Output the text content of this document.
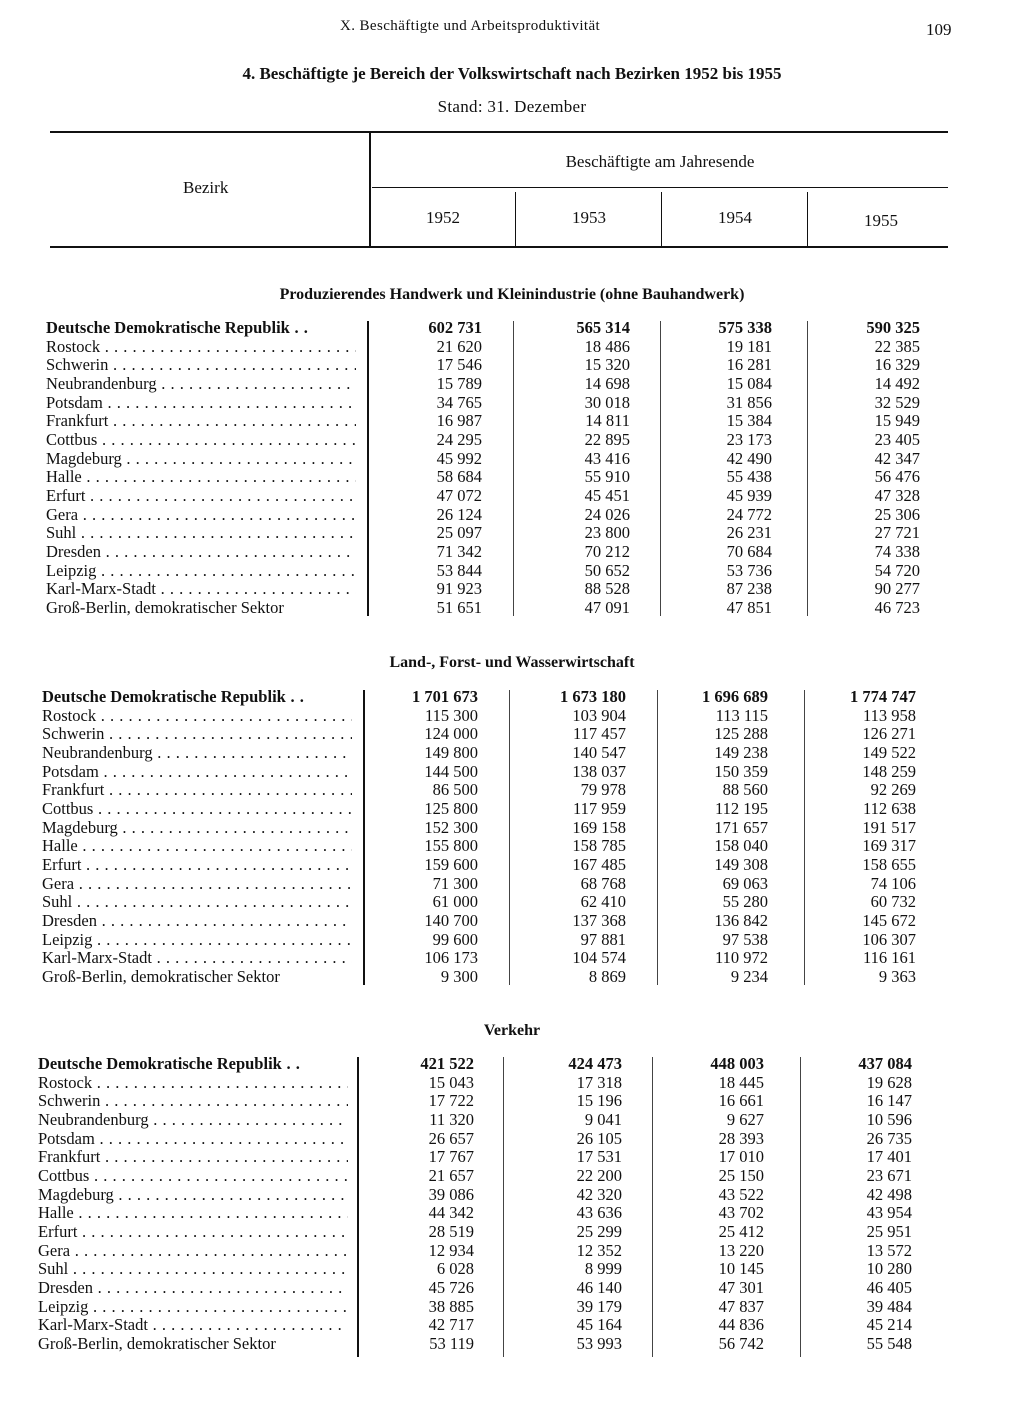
X. Beschäftigte und Arbeitsproduktivität	109
4. Beschäftigte je Bereich der Volkswirtschaft nach Bezirken 1952 bis 1955
Stand: 31. Dezember
Bezirk
Beschäftigte am Jahresende
1952	1953	1954	1955
Produzierendes Handwerk und Kleinindustrie (ohne Bauhandwerk)
Deutsche Demokratische Republik . .	602 731	565 314	575 338	590 325
Rostock . . .	21 620	18 486	19 181	22 385
Schwerin . . .	17 546	15 320	16 281	16 329
Neubrandenburg . . .	15 789	14 698	15 084	14 492
Potsdam . . .	34 765	30 018	31 856	32 529
Frankfurt . . .	16 987	14 811	15 384	15 949
Cottbus . . .	24 295	22 895	23 173	23 405
Magdeburg . . .	45 992	43 416	42 490	42 347
Halle . . .	58 684	55 910	55 438	56 476
Erfurt . . .	47 072	45 451	45 939	47 328
Gera . . .	26 124	24 026	24 772	25 306
Suhl . . .	25 097	23 800	26 231	27 721
Dresden . . .	71 342	70 212	70 684	74 338
Leipzig . . .	53 844	50 652	53 736	54 720
Karl-Marx-Stadt . . .	91 923	88 528	87 238	90 277
Groß-Berlin, demokratischer Sektor	51 651	47 091	47 851	46 723
Land-, Forst- und Wasserwirtschaft
Deutsche Demokratische Republik . .	1 701 673	1 673 180	1 696 689	1 774 747
Rostock . . .	115 300	103 904	113 115	113 958
Schwerin . . .	124 000	117 457	125 288	126 271
Neubrandenburg . . .	149 800	140 547	149 238	149 522
Potsdam . . .	144 500	138 037	150 359	148 259
Frankfurt . . .	86 500	79 978	88 560	92 269
Cottbus . . .	125 800	117 959	112 195	112 638
Magdeburg . . .	152 300	169 158	171 657	191 517
Halle . . .	155 800	158 785	158 040	169 317
Erfurt . . .	159 600	167 485	149 308	158 655
Gera . . .	71 300	68 768	69 063	74 106
Suhl . . .	61 000	62 410	55 280	60 732
Dresden . . .	140 700	137 368	136 842	145 672
Leipzig . . .	99 600	97 881	97 538	106 307
Karl-Marx-Stadt . . .	106 173	104 574	110 972	116 161
Groß-Berlin, demokratischer Sektor	9 300	8 869	9 234	9 363
Verkehr
Deutsche Demokratische Republik . .	421 522	424 473	448 003	437 084
Rostock . . .	15 043	17 318	18 445	19 628
Schwerin . . .	17 722	15 196	16 661	16 147
Neubrandenburg . . .	11 320	9 041	9 627	10 596
Potsdam . . .	26 657	26 105	28 393	26 735
Frankfurt . . .	17 767	17 531	17 010	17 401
Cottbus . . .	21 657	22 200	25 150	23 671
Magdeburg . . .	39 086	42 320	43 522	42 498
Halle . . .	44 342	43 636	43 702	43 954
Erfurt . . .	28 519	25 299	25 412	25 951
Gera . . .	12 934	12 352	13 220	13 572
Suhl . . .	6 028	8 999	10 145	10 280
Dresden . . .	45 726	46 140	47 301	46 405
Leipzig . . .	38 885	39 179	47 837	39 484
Karl-Marx-Stadt . . .	42 717	45 164	44 836	45 214
Groß-Berlin, demokratischer Sektor	53 119	53 993	56 742	55 548
